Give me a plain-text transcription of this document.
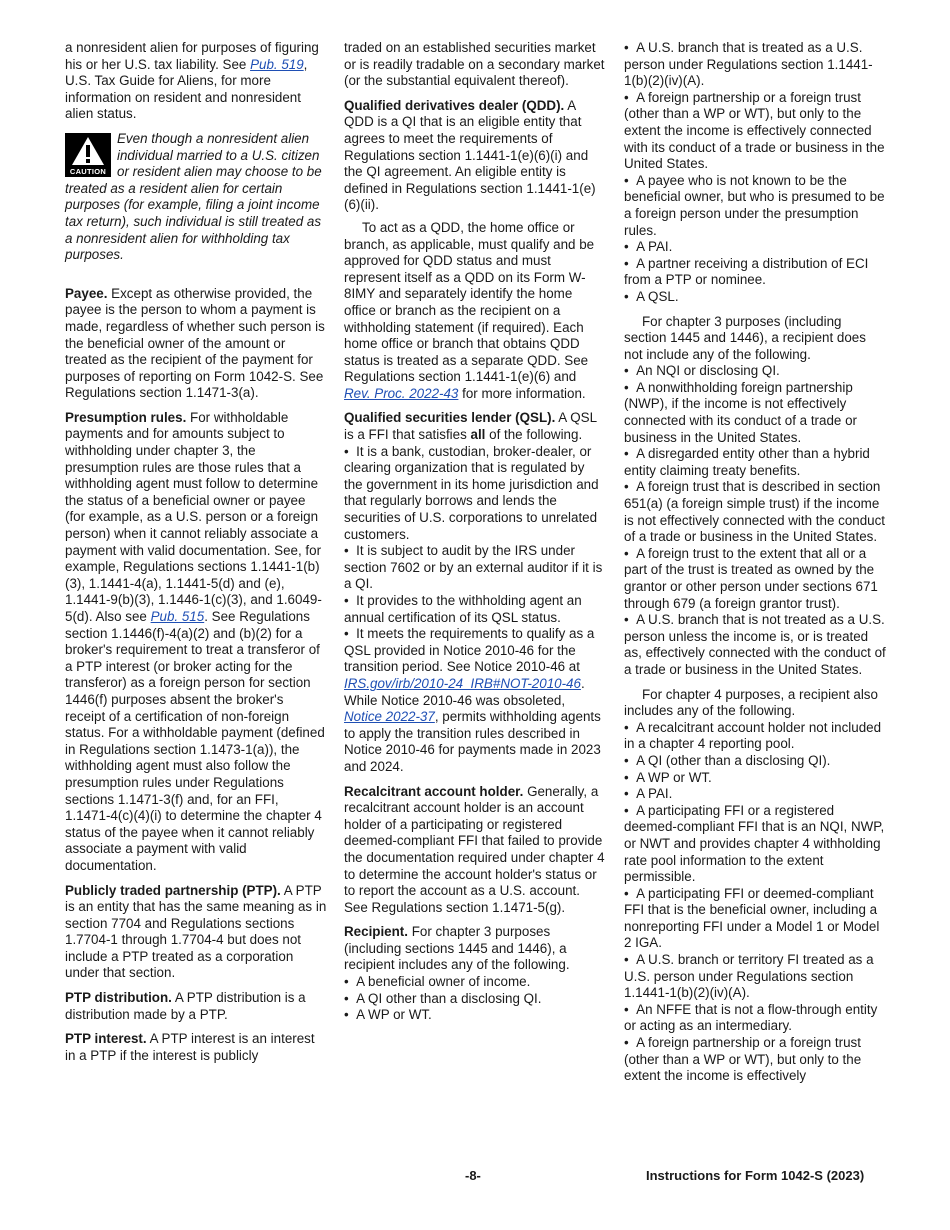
a nonresident alien for purposes of figuring his or her U.S. tax liability. See Pub. 519, U.S. Tax Guide for Aliens, for more information on resident and nonresident alien status.

CAUTION
Even though a nonresident alien individual married to a U.S. citizen or resident alien may choose to be treated as a resident alien for certain purposes (for example, filing a joint income tax return), such individual is still treated as a nonresident alien for withholding tax purposes.

Payee. Except as otherwise provided, the payee is the person to whom a payment is made, regardless of whether such person is the beneficial owner of the amount or treated as the recipient of the payment for purposes of reporting on Form 1042-S. See Regulations section 1.1471-3(a).

Presumption rules. For withholdable payments and for amounts subject to withholding under chapter 3, the presumption rules are those rules that a withholding agent must follow to determine the status of a beneficial owner or payee (for example, as a U.S. person or a foreign person) when it cannot reliably associate a payment with valid documentation. See, for example, Regulations sections 1.1441-1(b)(3), 1.1441-4(a), 1.1441-5(d) and (e), 1.1441-9(b)(3), 1.1446-1(c)(3), and 1.6049-5(d). Also see Pub. 515. See Regulations section 1.1446(f)-4(a)(2) and (b)(2) for a broker's requirement to treat a transferor of a PTP interest (or broker acting for the transferor) as a foreign person for section 1446(f) purposes absent the broker's receipt of a certification of non-foreign status. For a withholdable payment (defined in Regulations section 1.1473-1(a)), the withholding agent must also follow the presumption rules under Regulations sections 1.1471-3(f) and, for an FFI, 1.1471-4(c)(4)(i) to determine the chapter 4 status of the payee when it cannot reliably associate a payment with valid documentation.

Publicly traded partnership (PTP). A PTP is an entity that has the same meaning as in section 7704 and Regulations sections 1.7704-1 through 1.7704-4 but does not include a PTP treated as a corporation under that section.

PTP distribution. A PTP distribution is a distribution made by a PTP.

PTP interest. A PTP interest is an interest in a PTP if the interest is publicly

traded on an established securities market or is readily tradable on a secondary market (or the substantial equivalent thereof).

Qualified derivatives dealer (QDD). A QDD is a QI that is an eligible entity that agrees to meet the requirements of Regulations section 1.1441-1(e)(6)(i) and the QI agreement. An eligible entity is defined in Regulations section 1.1441-1(e)(6)(ii).

To act as a QDD, the home office or branch, as applicable, must qualify and be approved for QDD status and must represent itself as a QDD on its Form W-8IMY and separately identify the home office or branch as the recipient on a withholding statement (if required). Each home office or branch that obtains QDD status is treated as a separate QDD. See Regulations section 1.1441-1(e)(6) and Rev. Proc. 2022-43 for more information.

Qualified securities lender (QSL). A QSL is a FFI that satisfies all of the following.

•  It is a bank, custodian, broker-dealer, or clearing organization that is regulated by the government in its home jurisdiction and that regularly borrows and lends the securities of U.S. corporations to unrelated customers.

•  It is subject to audit by the IRS under section 7602 or by an external auditor if it is a QI.

•  It provides to the withholding agent an annual certification of its QSL status.

•  It meets the requirements to qualify as a QSL provided in Notice 2010-46 for the transition period. See Notice 2010-46 at IRS.gov/irb/2010-24_IRB#NOT-2010-46. While Notice 2010-46 was obsoleted, Notice 2022-37, permits withholding agents to apply the transition rules described in Notice 2010-46 for payments made in 2023 and 2024.

Recalcitrant account holder. Generally, a recalcitrant account holder is an account holder of a participating or registered deemed-compliant FFI that failed to provide the documentation required under chapter 4 to determine the account holder's status or to report the account as a U.S. account. See Regulations section 1.1471-5(g).

Recipient. For chapter 3 purposes (including sections 1445 and 1446), a recipient includes any of the following.

•  A beneficial owner of income.

•  A QI other than a disclosing QI.

•  A WP or WT.

•  A U.S. branch that is treated as a U.S. person under Regulations section 1.1441-1(b)(2)(iv)(A).

•  A foreign partnership or a foreign trust (other than a WP or WT), but only to the extent the income is effectively connected with its conduct of a trade or business in the United States.

•  A payee who is not known to be the beneficial owner, but who is presumed to be a foreign person under the presumption rules.

•  A PAI.

•  A partner receiving a distribution of ECI from a PTP or nominee.

•  A QSL.

For chapter 3 purposes (including section 1445 and 1446), a recipient does not include any of the following.

•  An NQI or disclosing QI.

•  A nonwithholding foreign partnership (NWP), if the income is not effectively connected with its conduct of a trade or business in the United States.

•  A disregarded entity other than a hybrid entity claiming treaty benefits.

•  A foreign trust that is described in section 651(a) (a foreign simple trust) if the income is not effectively connected with the conduct of a trade or business in the United States.

•  A foreign trust to the extent that all or a part of the trust is treated as owned by the grantor or other person under sections 671 through 679 (a foreign grantor trust).

•  A U.S. branch that is not treated as a U.S. person unless the income is, or is treated as, effectively connected with the conduct of a trade or business in the United States.

For chapter 4 purposes, a recipient also includes any of the following.

•  A recalcitrant account holder not included in a chapter 4 reporting pool.

•  A QI (other than a disclosing QI).

•  A WP or WT.

•  A PAI.

•  A participating FFI or a registered deemed-compliant FFI that is an NQI, NWP, or NWT and provides chapter 4 withholding rate pool information to the extent permissible.

•  A participating FFI or deemed-compliant FFI that is the beneficial owner, including a nonreporting FFI under a Model 1 or Model 2 IGA.

•  A U.S. branch or territory FI treated as a U.S. person under Regulations section 1.1441-1(b)(2)(iv)(A).

•  An NFFE that is not a flow-through entity or acting as an intermediary.

•  A foreign partnership or a foreign trust (other than a WP or WT), but only to the extent the income is effectively

-8-	Instructions for Form 1042-S (2023)
